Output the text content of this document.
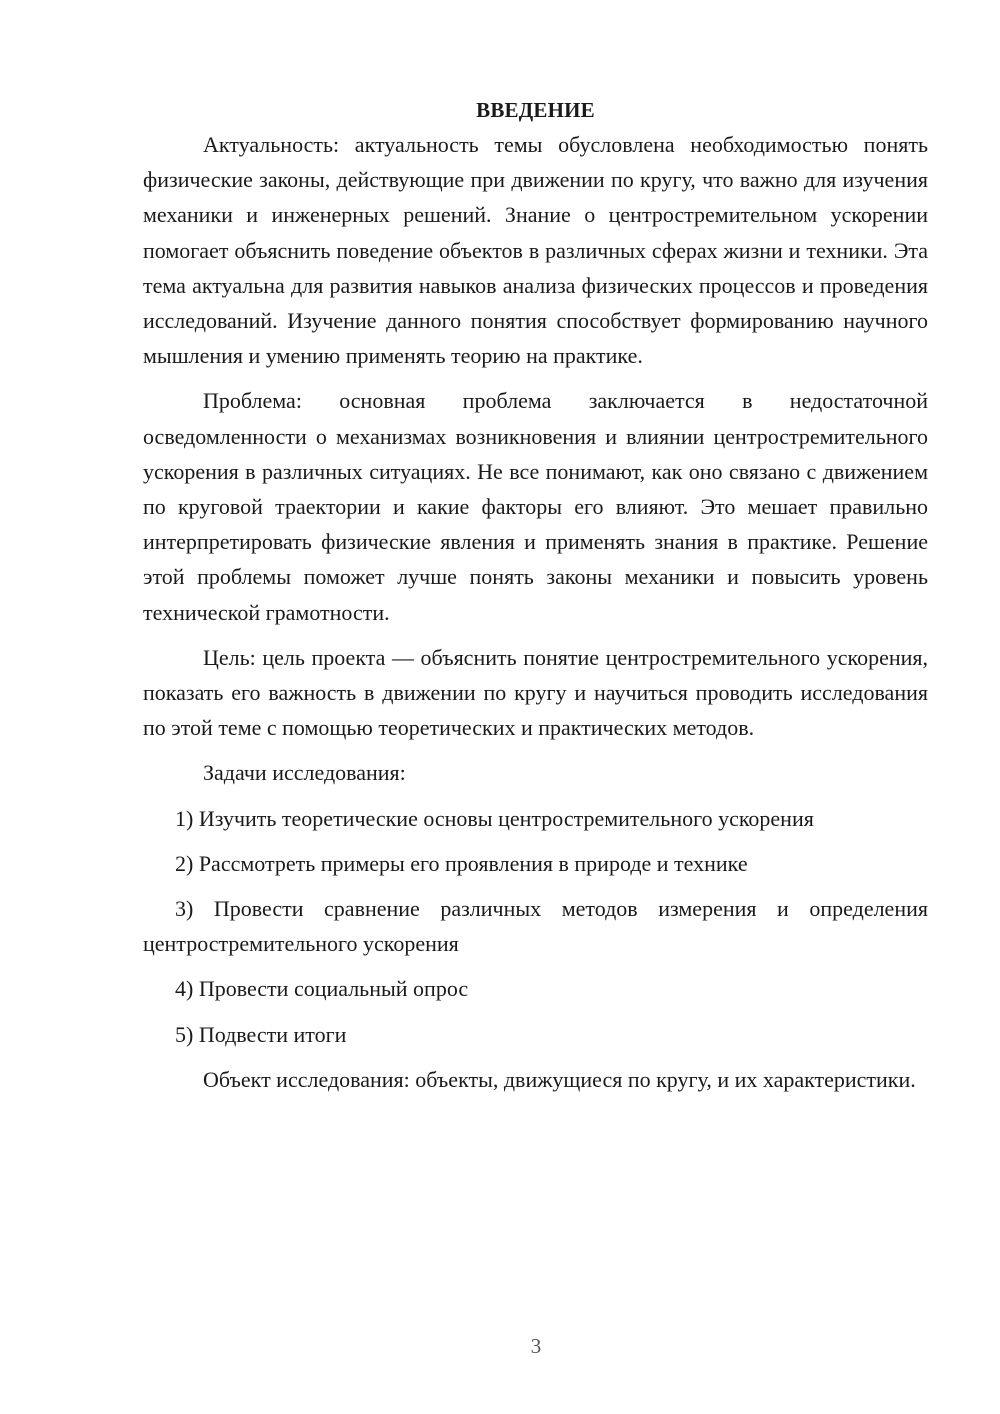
ВВЕДЕНИЕ

Актуальность: актуальность темы обусловлена необходимостью понять физические законы, действующие при движении по кругу, что важно для изучения механики и инженерных решений. Знание о центростремительном ускорении помогает объяснить поведение объектов в различных сферах жизни и техники. Эта тема актуальна для развития навыков анализа физических процессов и проведения исследований. Изучение данного понятия способствует формированию научного мышления и умению применять теорию на практике.

Проблема: основная проблема заключается в недостаточной осведомленности о механизмах возникновения и влиянии центростремительного ускорения в различных ситуациях. Не все понимают, как оно связано с движением по круговой траектории и какие факторы его влияют. Это мешает правильно интерпретировать физические явления и применять знания в практике. Решение этой проблемы поможет лучше понять законы механики и повысить уровень технической грамотности.

Цель: цель проекта — объяснить понятие центростремительного ускорения, показать его важность в движении по кругу и научиться проводить исследования по этой теме с помощью теоретических и практических методов.

Задачи исследования:

1) Изучить теоретические основы центростремительного ускорения

2) Рассмотреть примеры его проявления в природе и технике

3) Провести сравнение различных методов измерения и определения центростремительного ускорения

4) Провести социальный опрос

5) Подвести итоги

Объект исследования: объекты, движущиеся по кругу, и их характеристики.

3
